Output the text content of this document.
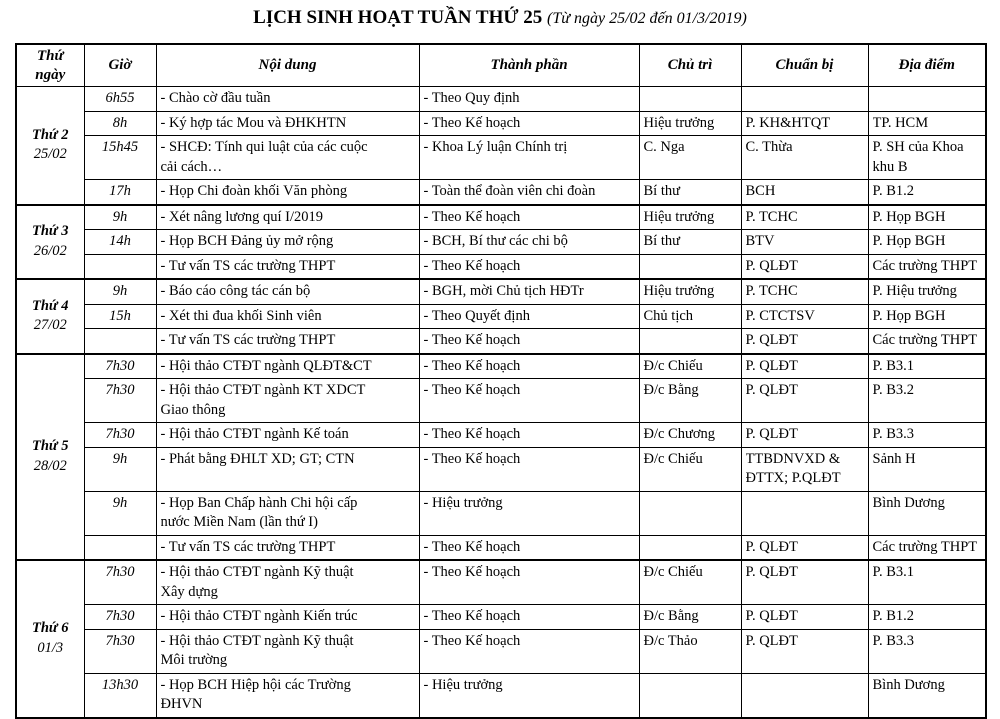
LỊCH SINH HOẠT TUẦN THỨ 25 (Từ ngày 25/02 đến 01/3/2019)
Thứ ngày	Giờ	Nội dung	Thành phần	Chủ trì	Chuẩn bị	Địa điểm

Thứ 2
25/02	6h55	- Chào cờ đầu tuần	- Theo Quy định		

	8h	- Ký hợp tác Mou và ĐHKHTN	- Theo Kế hoạch	Hiệu trưởng	P. KH&HTQT	TP. HCM

	15h45	- SHCĐ: Tính qui luật của các cuộc
cải cách…	- Khoa Lý luận Chính trị	C. Nga	C. Thừa	P. SH của Khoa
khu B

	17h	- Họp Chi đoàn khối Văn phòng	- Toàn thể đoàn viên chi đoàn	Bí thư	BCH	P. B1.2

Thứ 3
26/02	9h	- Xét nâng lương quí I/2019	- Theo Kế hoạch	Hiệu trưởng	P. TCHC	P. Họp BGH

	14h	- Họp BCH Đảng ủy mở rộng	- BCH, Bí thư các chi bộ	Bí thư	BTV	P. Họp BGH

		- Tư vấn TS các trường THPT	- Theo Kế hoạch		P. QLĐT	Các trường THPT

Thứ 4
27/02	9h	- Báo cáo công tác cán bộ	- BGH, mời Chủ tịch HĐTr	Hiệu trưởng	P. TCHC	P. Hiệu trưởng

	15h	- Xét thi đua khối Sinh viên	- Theo Quyết định	Chủ tịch	P. CTCTSV	P. Họp BGH

		- Tư vấn TS các trường THPT	- Theo Kế hoạch		P. QLĐT	Các trường THPT

Thứ 5
28/02	7h30	- Hội thảo CTĐT ngành QLĐT&CT	- Theo Kế hoạch	Đ/c Chiếu	P. QLĐT	P. B3.1

	7h30	- Hội thảo CTĐT ngành KT XDCT
Giao thông	- Theo Kế hoạch	Đ/c Bằng	P. QLĐT	P. B3.2

	7h30	- Hội thảo CTĐT ngành Kế toán	- Theo Kế hoạch	Đ/c Chương	P. QLĐT	P. B3.3

	9h	- Phát bằng ĐHLT XD; GT; CTN	- Theo Kế hoạch	Đ/c Chiếu	TTBDNVXD &
ĐTTX; P.QLĐT	Sảnh H

	9h	- Họp Ban Chấp hành Chi hội cấp
nước Miền Nam (lần thứ I)	- Hiệu trưởng			Bình Dương

		- Tư vấn TS các trường THPT	- Theo Kế hoạch		P. QLĐT	Các trường THPT

Thứ 6
01/3	7h30	- Hội thảo CTĐT ngành Kỹ thuật
Xây dựng	- Theo Kế hoạch	Đ/c Chiếu	P. QLĐT	P. B3.1

	7h30	- Hội thảo CTĐT ngành Kiến trúc	- Theo Kế hoạch	Đ/c Bằng	P. QLĐT	P. B1.2

	7h30	- Hội thảo CTĐT ngành Kỹ thuật
Môi trường	- Theo Kế hoạch	Đ/c Thảo	P. QLĐT	P. B3.3

	13h30	- Họp BCH Hiệp hội các Trường
ĐHVN	- Hiệu trưởng			Bình Dương
